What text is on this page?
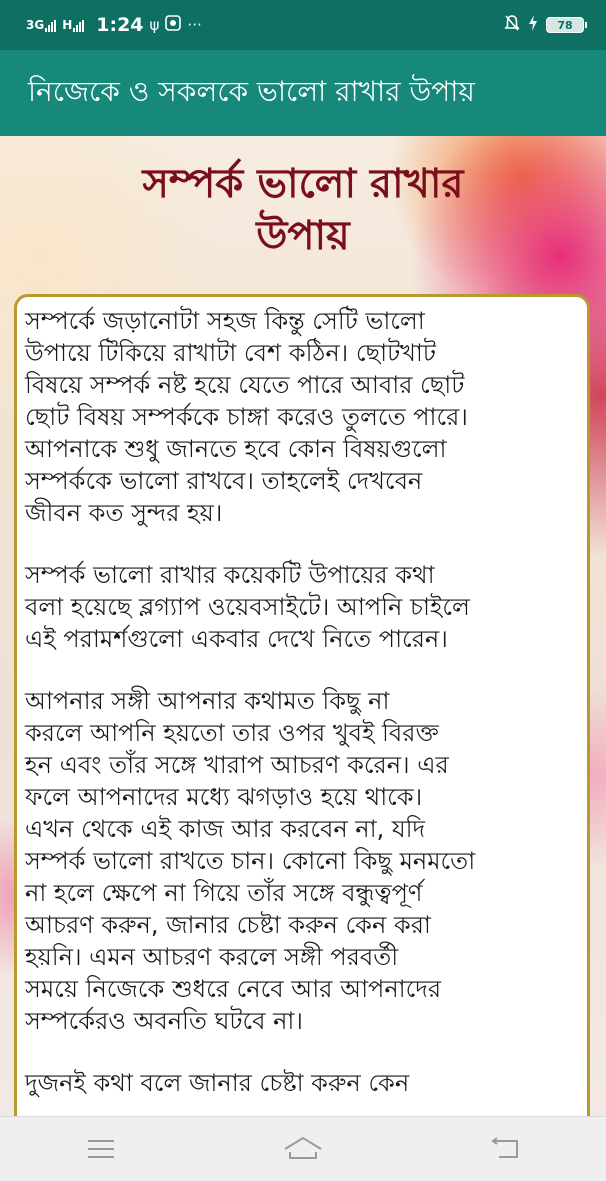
3G H 1:24 ψ ···	78
নিজেকে ও সকলকে ভালো রাখার উপায়
সম্পর্ক ভালো রাখার
উপায়

সম্পর্কে জড়ানোটা সহজ কিন্তু সেটি ভালো
উপায়ে টিকিয়ে রাখাটা বেশ কঠিন। ছোটখাট
বিষয়ে সম্পর্ক নষ্ট হয়ে যেতে পারে আবার ছোট
ছোট বিষয় সম্পর্ককে চাঙ্গা করেও তুলতে পারে।
আপনাকে শুধু জানতে হবে কোন বিষয়গুলো
সম্পর্ককে ভালো রাখবে। তাহলেই দেখবেন
জীবন কত সুন্দর হয়।

সম্পর্ক ভালো রাখার কয়েকটি উপায়ের কথা
বলা হয়েছে ব্লগ্যাপ ওয়েবসাইটে। আপনি চাইলে
এই পরামর্শগুলো একবার দেখে নিতে পারেন।

আপনার সঙ্গী আপনার কথামত কিছু না
করলে আপনি হয়তো তার ওপর খুবই বিরক্ত
হন এবং তাঁর সঙ্গে খারাপ আচরণ করেন। এর
ফলে আপনাদের মধ্যে ঝগড়াও হয়ে থাকে।
এখন থেকে এই কাজ আর করবেন না, যদি
সম্পর্ক ভালো রাখতে চান। কোনো কিছু মনমতো
না হলে ক্ষেপে না গিয়ে তাঁর সঙ্গে বন্ধুত্বপূর্ণ
আচরণ করুন, জানার চেষ্টা করুন কেন করা
হয়নি। এমন আচরণ করলে সঙ্গী পরবর্তী
সময়ে নিজেকে শুধরে নেবে আর আপনাদের
সম্পর্কেরও অবনতি ঘটবে না।

দুজনই কথা বলে জানার চেষ্টা করুন কেন
